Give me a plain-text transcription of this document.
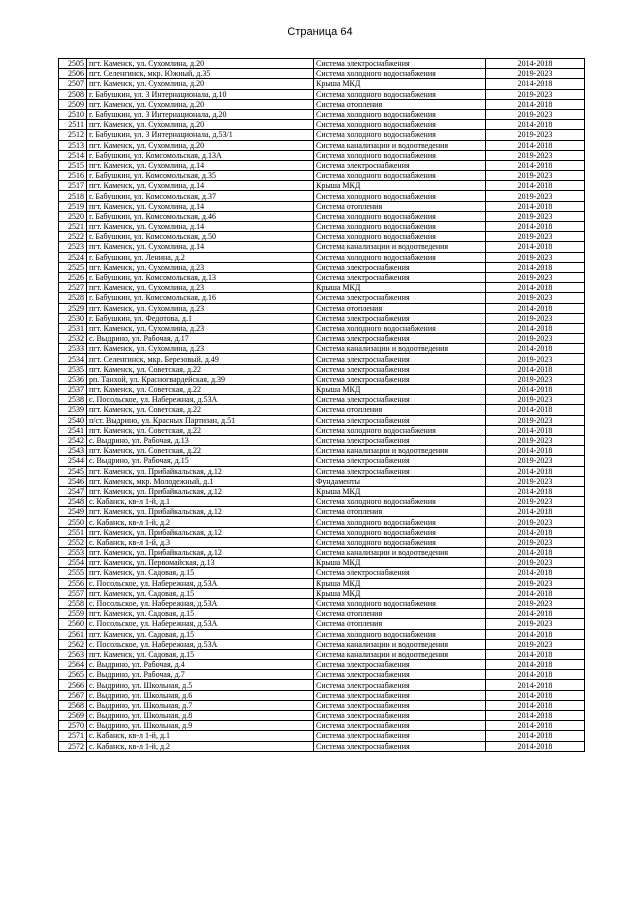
Страница 64
2505	пгт. Каменск, ул. Сухомлина, д.20	Система электроснабжения	2014-2018
2506	пгт. Селенгинск, мкр. Южный, д.35	Система холодного водоснабжения	2019-2023
2507	пгт. Каменск, ул. Сухомлина, д.20	Крыша МКД	2014-2018
2508	г. Бабушкин, ул. 3 Интернационала, д.10	Система холодного водоснабжения	2019-2023
2509	пгт. Каменск, ул. Сухомлина, д.20	Система отопления	2014-2018
2510	г. Бабушкин, ул. 3 Интернационала, д.20	Система холодного водоснабжения	2019-2023
2511	пгт. Каменск, ул. Сухомлина, д.20	Система холодного водоснабжения	2014-2018
2512	г. Бабушкин, ул. 3 Интернационала, д.53/1	Система холодного водоснабжения	2019-2023
2513	пгт. Каменск, ул. Сухомлина, д.20	Система канализации и водоотведения	2014-2018
2514	г. Бабушкин, ул. Комсомольская, д.13А	Система холодного водоснабжения	2019-2023
2515	пгт. Каменск, ул. Сухомлина, д.14	Система электроснабжения	2014-2018
2516	г. Бабушкин, ул. Комсомольская, д.35	Система холодного водоснабжения	2019-2023
2517	пгт. Каменск, ул. Сухомлина, д.14	Крыша МКД	2014-2018
2518	г. Бабушкин, ул. Комсомольская, д.37	Система холодного водоснабжения	2019-2023
2519	пгт. Каменск, ул. Сухомлина, д.14	Система отопления	2014-2018
2520	г. Бабушкин, ул. Комсомольская, д.46	Система холодного водоснабжения	2019-2023
2521	пгт. Каменск, ул. Сухомлина, д.14	Система холодного водоснабжения	2014-2018
2522	г. Бабушкин, ул. Комсомольская, д.50	Система холодного водоснабжения	2019-2023
2523	пгт. Каменск, ул. Сухомлина, д.14	Система канализации и водоотведения	2014-2018
2524	г. Бабушкин, ул. Ленина, д.2	Система холодного водоснабжения	2019-2023
2525	пгт. Каменск, ул. Сухомлина, д.23	Система электроснабжения	2014-2018
2526	г. Бабушкин, ул. Комсомольская, д.13	Система электроснабжения	2019-2023
2527	пгт. Каменск, ул. Сухомлина, д.23	Крыша МКД	2014-2018
2528	г. Бабушкин, ул. Комсомольская, д.16	Система электроснабжения	2019-2023
2529	пгт. Каменск, ул. Сухомлина, д.23	Система отопления	2014-2018
2530	г. Бабушкин, ул. Федотова, д.1	Система электроснабжения	2019-2023
2531	пгт. Каменск, ул. Сухомлина, д.23	Система холодного водоснабжения	2014-2018
2532	с. Выдрино, ул. Рабочая, д.17	Система электроснабжения	2019-2023
2533	пгт. Каменск, ул. Сухомлина, д.23	Система канализации и водоотведения	2014-2018
2534	пгт. Селенгинск, мкр. Березовый, д.49	Система электроснабжения	2019-2023
2535	пгт. Каменск, ул. Советская, д.22	Система электроснабжения	2014-2018
2536	рп. Танхой, ул. Красногвардейская, д.39	Система электроснабжения	2019-2023
2537	пгт. Каменск, ул. Советская, д.22	Крыша МКД	2014-2018
2538	с. Посольское, ул. Набережная, д.53А	Система электроснабжения	2019-2023
2539	пгт. Каменск, ул. Советская, д.22	Система отопления	2014-2018
2540	п/ст. Выдрино, ул. Красных Партизан, д.51	Система электроснабжения	2019-2023
2541	пгт. Каменск, ул. Советская, д.22	Система холодного водоснабжения	2014-2018
2542	с. Выдрино, ул. Рабочая, д.13	Система электроснабжения	2019-2023
2543	пгт. Каменск, ул. Советская, д.22	Система канализации и водоотведения	2014-2018
2544	с. Выдрино, ул. Рабочая, д.15	Система электроснабжения	2019-2023
2545	пгт. Каменск, ул. Прибайкальская, д.12	Система электроснабжения	2014-2018
2546	пгт. Каменск, мкр. Молодежный, д.1	Фундаменты	2019-2023
2547	пгт. Каменск, ул. Прибайкальская, д.12	Крыша МКД	2014-2018
2548	с. Кабанск, кв-л 1-й, д.1	Система холодного водоснабжения	2019-2023
2549	пгт. Каменск, ул. Прибайкальская, д.12	Система отопления	2014-2018
2550	с. Кабанск, кв-л 1-й, д.2	Система холодного водоснабжения	2019-2023
2551	пгт. Каменск, ул. Прибайкальская, д.12	Система холодного водоснабжения	2014-2018
2552	с. Кабанск, кв-л 1-й, д.3	Система холодного водоснабжения	2019-2023
2553	пгт. Каменск, ул. Прибайкальская, д.12	Система канализации и водоотведения	2014-2018
2554	пгт. Каменск, ул. Первомайская, д.13	Крыша МКД	2019-2023
2555	пгт. Каменск, ул. Садовая, д.15	Система электроснабжения	2014-2018
2556	с. Посольское, ул. Набережная, д.53А	Крыша МКД	2019-2023
2557	пгт. Каменск, ул. Садовая, д.15	Крыша МКД	2014-2018
2558	с. Посольское, ул. Набережная, д.53А	Система холодного водоснабжения	2019-2023
2559	пгт. Каменск, ул. Садовая, д.15	Система отопления	2014-2018
2560	с. Посольское, ул. Набережная, д.53А	Система отопления	2019-2023
2561	пгт. Каменск, ул. Садовая, д.15	Система холодного водоснабжения	2014-2018
2562	с. Посольское, ул. Набережная, д.53А	Система канализации и водоотведения	2019-2023
2563	пгт. Каменск, ул. Садовая, д.15	Система канализации и водоотведения	2014-2018
2564	с. Выдрино, ул. Рабочая, д.4	Система электроснабжения	2014-2018
2565	с. Выдрино, ул. Рабочая, д.7	Система электроснабжения	2014-2018
2566	с. Выдрино, ул. Школьная, д.5	Система электроснабжения	2014-2018
2567	с. Выдрино, ул. Школьная, д.6	Система электроснабжения	2014-2018
2568	с. Выдрино, ул. Школьная, д.7	Система электроснабжения	2014-2018
2569	с. Выдрино, ул. Школьная, д.8	Система электроснабжения	2014-2018
2570	с. Выдрино, ул. Школьная, д.9	Система электроснабжения	2014-2018
2571	с. Кабанск, кв-л 1-й, д.1	Система электроснабжения	2014-2018
2572	с. Кабанск, кв-л 1-й, д.2	Система электроснабжения	2014-2018
